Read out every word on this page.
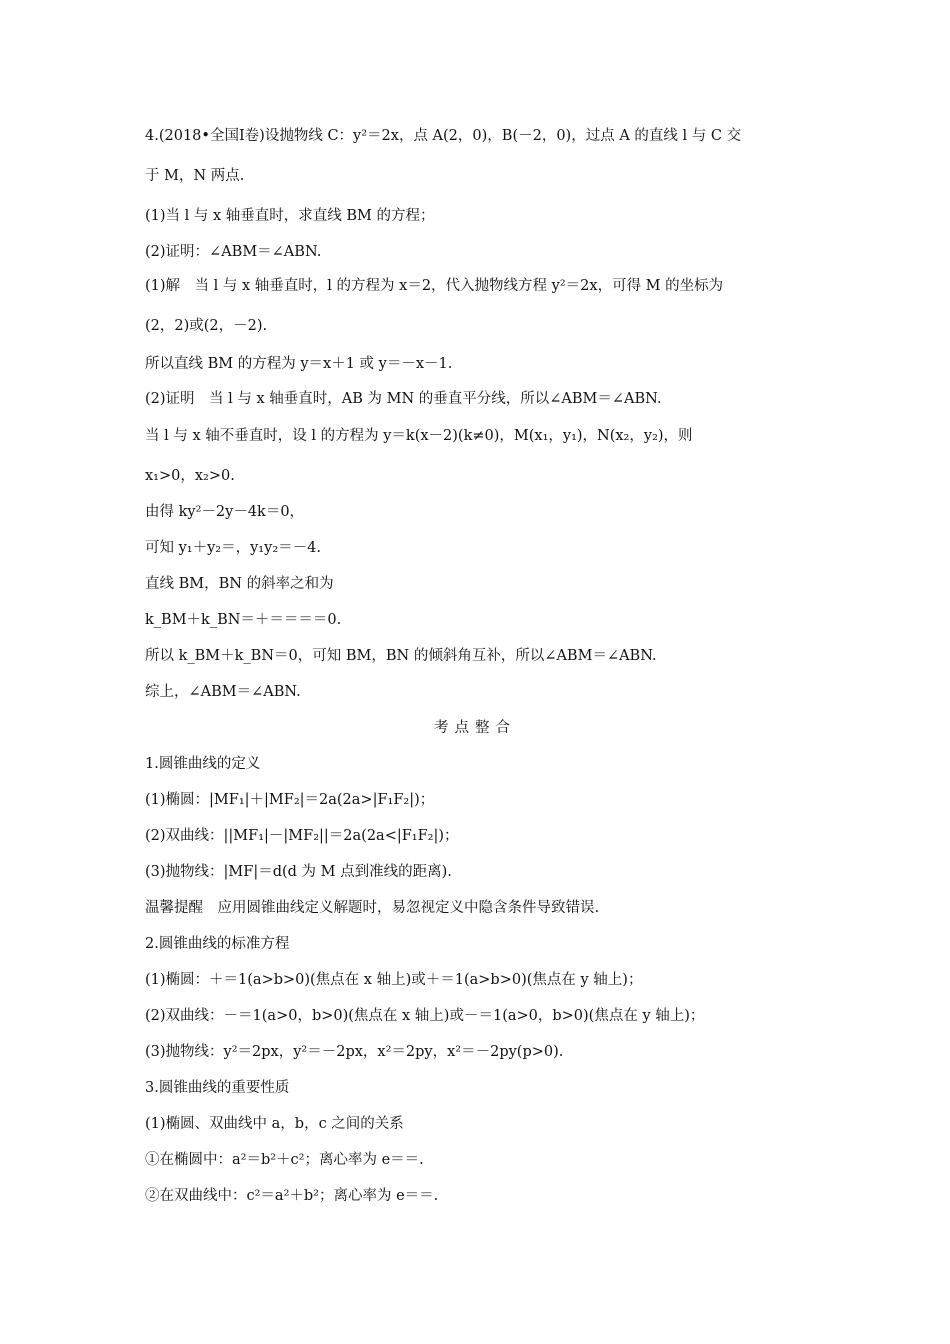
4.(2018•全国Ⅰ卷)设抛物线 C：y²＝2x，点 A(2，0)，B(－2，0)，过点 A 的直线 l 与 C 交
于 M，N 两点.
(1)当 l 与 x 轴垂直时，求直线 BM 的方程；
(2)证明：∠ABM＝∠ABN.
(1)解　当 l 与 x 轴垂直时，l 的方程为 x＝2，代入抛物线方程 y²＝2x，可得 M 的坐标为
(2，2)或(2，－2).
所以直线 BM 的方程为 y＝x＋1 或 y＝－x－1.
(2)证明　当 l 与 x 轴垂直时，AB 为 MN 的垂直平分线，所以∠ABM＝∠ABN.
当 l 与 x 轴不垂直时，设 l 的方程为 y＝k(x－2)(k≠0)，M(x₁，y₁)，N(x₂，y₂)，则
x₁>0，x₂>0.
由得 ky²－2y－4k＝0，
可知 y₁＋y₂＝，y₁y₂＝－4.
直线 BM，BN 的斜率之和为
k_BM＋k_BN＝＋＝＝＝＝0.
所以 k_BM＋k_BN＝0，可知 BM，BN 的倾斜角互补，所以∠ABM＝∠ABN.
综上，∠ABM＝∠ABN.
考点整合
1.圆锥曲线的定义
(1)椭圆：|MF₁|＋|MF₂|＝2a(2a>|F₁F₂|)；
(2)双曲线：||MF₁|－|MF₂||＝2a(2a<|F₁F₂|)；
(3)抛物线：|MF|＝d(d 为 M 点到准线的距离).
温馨提醒　应用圆锥曲线定义解题时，易忽视定义中隐含条件导致错误.
2.圆锥曲线的标准方程
(1)椭圆：＋＝1(a>b>0)(焦点在 x 轴上)或＋＝1(a>b>0)(焦点在 y 轴上)；
(2)双曲线：－＝1(a>0，b>0)(焦点在 x 轴上)或－＝1(a>0，b>0)(焦点在 y 轴上)；
(3)抛物线：y²＝2px，y²＝－2px，x²＝2py，x²＝－2py(p>0).
3.圆锥曲线的重要性质
(1)椭圆、双曲线中 a，b，c 之间的关系
①在椭圆中：a²＝b²＋c²；离心率为 e＝＝.
②在双曲线中：c²＝a²＋b²；离心率为 e＝＝.
